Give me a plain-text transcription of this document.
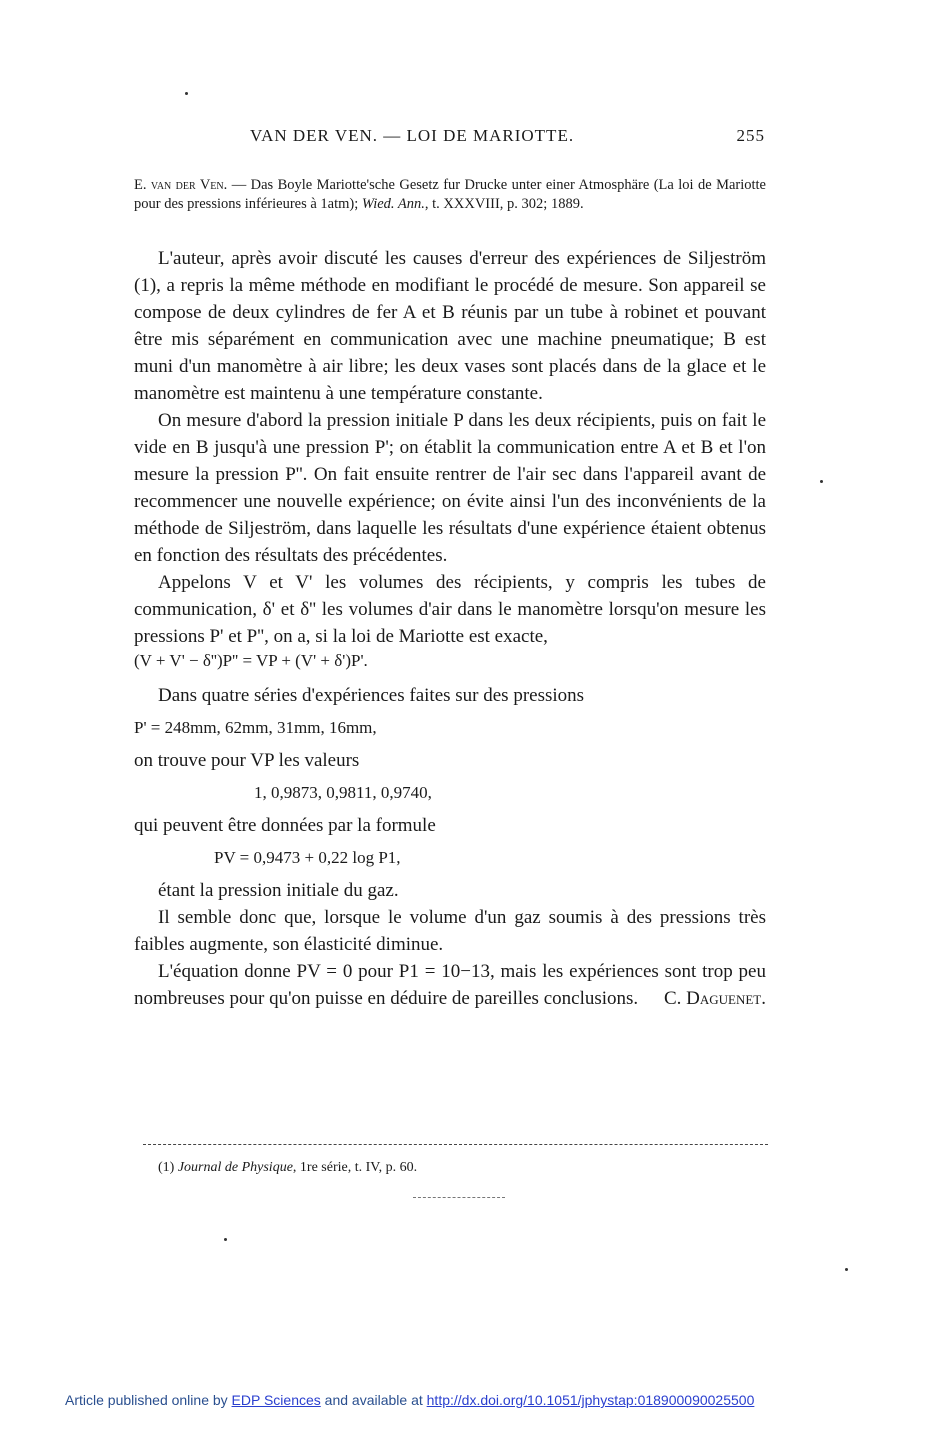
VAN DER VEN. — LOI DE MARIOTTE.	255
E. van der Ven. — Das Boyle Mariotte'sche Gesetz fur Drucke unter einer Atmosphäre (La loi de Mariotte pour des pressions inférieures à 1atm); Wied. Ann., t. XXXVIII, p. 302; 1889.

L'auteur, après avoir discuté les causes d'erreur des expériences de Siljeström (1), a repris la même méthode en modifiant le procédé de mesure. Son appareil se compose de deux cylindres de fer A et B réunis par un tube à robinet et pouvant être mis séparément en communication avec une machine pneumatique; B est muni d'un manomètre à air libre; les deux vases sont placés dans de la glace et le manomètre est maintenu à une température constante.

On mesure d'abord la pression initiale P dans les deux récipients, puis on fait le vide en B jusqu'à une pression P'; on établit la communication entre A et B et l'on mesure la pression P''. On fait ensuite rentrer de l'air sec dans l'appareil avant de recommencer une nouvelle expérience; on évite ainsi l'un des inconvénients de la méthode de Siljeström, dans laquelle les résultats d'une expérience étaient obtenus en fonction des résultats des précédentes.

Appelons V et V' les volumes des récipients, y compris les tubes de communication, δ' et δ'' les volumes d'air dans le manomètre lorsqu'on mesure les pressions P' et P'', on a, si la loi de Mariotte est exacte,

(V + V' − δ'')P'' = VP + (V' + δ')P'.

Dans quatre séries d'expériences faites sur des pressions

P' = 248mm, 62mm, 31mm, 16mm,

on trouve pour VP les valeurs

1, 0,9873, 0,9811, 0,9740,

qui peuvent être données par la formule

PV = 0,9473 + 0,22 log P1,

étant la pression initiale du gaz.

Il semble donc que, lorsque le volume d'un gaz soumis à des pressions très faibles augmente, son élasticité diminue.

L'équation donne PV = 0 pour P1 = 10−13, mais les expériences sont trop peu nombreuses pour qu'on puisse en déduire de pareilles conclusions.	C. Daguenet.

(1) Journal de Physique, 1re série, t. IV, p. 60.
Article published online by EDP Sciences and available at http://dx.doi.org/10.1051/jphystap:018900090025500
